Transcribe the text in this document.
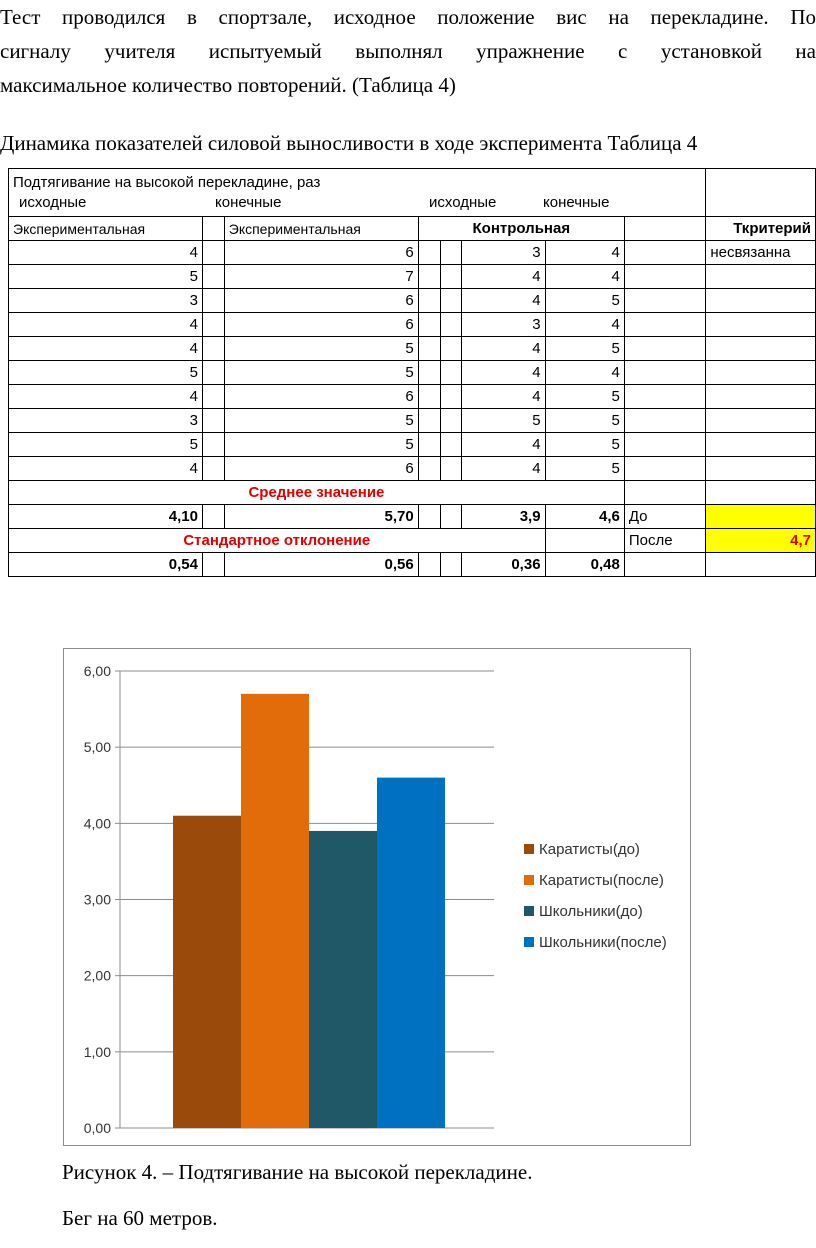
Тест проводился в спортзале, исходное положение вис на перекладине. По
сигналу учителя испытуемый выполнял упражнение с установкой на
максимальное количество повторений. (Таблица 4)
Динамика показателей силовой выносливости в ходе эксперимента Таблица 4
Подтягивание на высокой перекладине, раз
исходные конечные исходные конечные								

Экспериментальная		Экспериментальная	Контрольная					Ткритерий
4		6			3	4		несвязанна
5		7			4	4		
3		6			4	5		
4		6			3	4		
4		5			4	5		
5		5			4	4		
4		6			4	5		
3		5			5	5		
5		5			4	5		
4		6			4	5		
Среднее значение								
4,10		5,70			3,9	4,6	До	
Стандартное отклонение							После	4,7
0,54		0,56			0,36	0,48		
0,00
1,00
2,00
3,00
4,00
5,00
6,00
Каратисты(до)
Каратисты(после)
Школьники(до)
Школьники(после)
Рисунок 4. – Подтягивание на высокой перекладине.
Бег на 60 метров.
